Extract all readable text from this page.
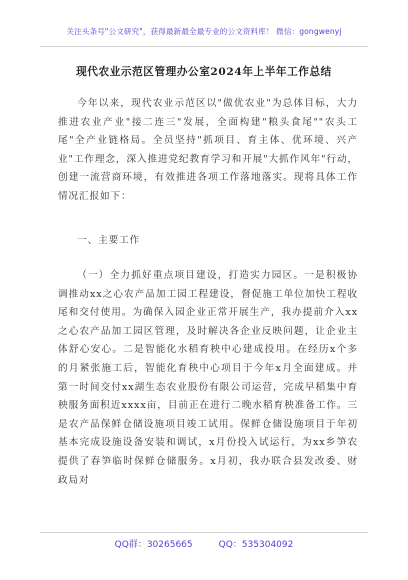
关注头条号"公文研究"，获得最新最全最专业的公文资料库！ 微信：gongwenyj
现代农业示范区管理办公室2024年上半年工作总结

今年以来，现代农业示范区以"做优农业"为总体目标，大力推进农业产业"接二连三"发展，全面构建"粮头食尾""农头工尾"全产业链格局。全员坚持"抓项目、育主体、优环境、兴产业"工作理念，深入推进党纪教育学习和开展"大抓作风年"行动，创建一流营商环境，有效推进各项工作落地落实。现将具体工作情况汇报如下：

一、主要工作

（一）全力抓好重点项目建设，打造实力园区。一是积极协调推动xx之心农产品加工园工程建设，督促施工单位加快工程收尾和交付使用。为确保入园企业正常开展生产，我办提前介入xx之心农产品加工园区管理，及时解决各企业反映问题，让企业主体舒心安心。二是智能化水稻育秧中心建成投用。在经历x个多的月紧张施工后，智能化育秧中心项目于今年x月全面建成。并第一时间交付xx湖生态农业股份有限公司运营，完成早稻集中育秧服务面积近xxxx亩，目前正在进行二晚水稻育秧准备工作。三是农产品保鲜仓储设施项目竣工试用。保鲜仓储设施项目于年初基本完成设施设备安装和调试，x月份投入试运行，为xx乡笋农提供了春笋临时保鲜仓储服务。x月初，我办联合县发改委、财政局对

QQ群：30265665	QQ：535304092
